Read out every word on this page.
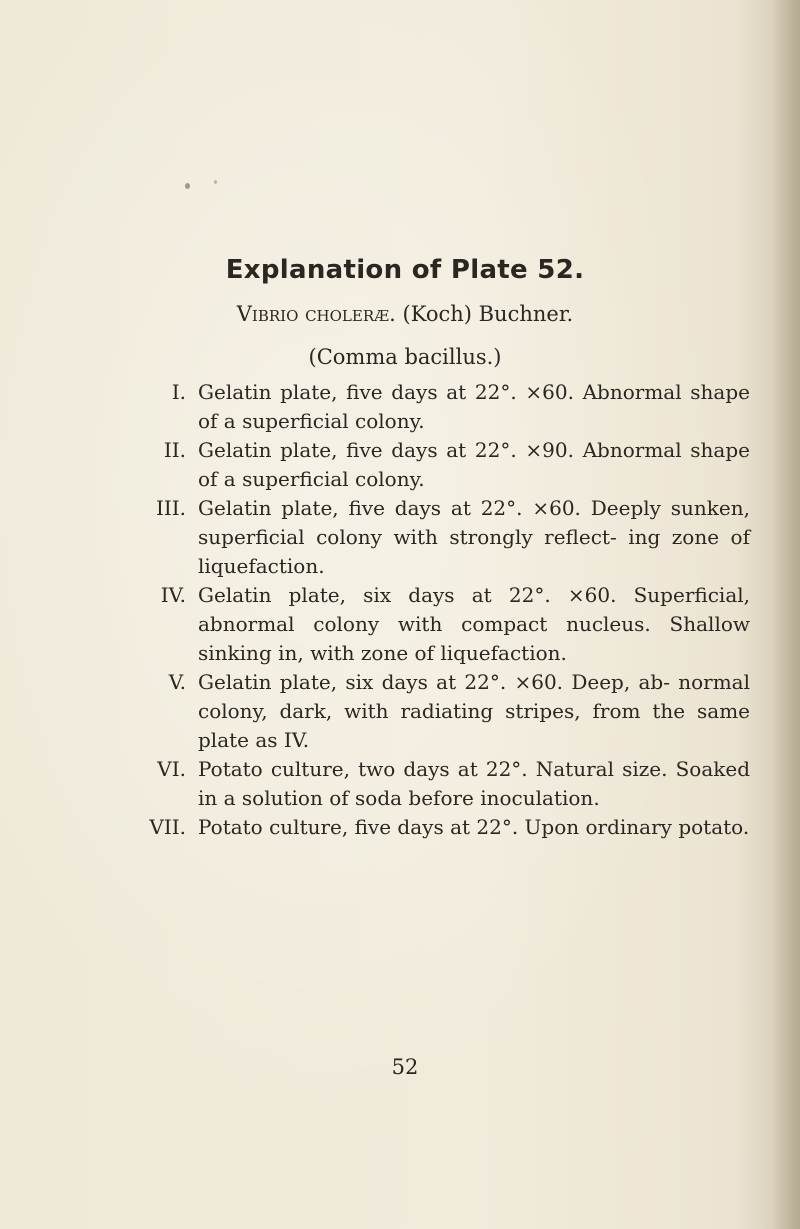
Explanation of Plate 52.

Vibrio choleræ. (Koch) Buchner.

(Comma bacillus.)

I. Gelatin plate, five days at 22°. ×60. Abnormal shape of a superficial colony.
II. Gelatin plate, five days at 22°. ×90. Abnormal shape of a superficial colony.
III. Gelatin plate, five days at 22°. ×60. Deeply sunken, superficial colony with strongly reflect- ing zone of liquefaction.
IV. Gelatin plate, six days at 22°. ×60. Superficial, abnormal colony with compact nucleus. Shallow sinking in, with zone of liquefaction.
V. Gelatin plate, six days at 22°. ×60. Deep, ab- normal colony, dark, with radiating stripes, from the same plate as IV.
VI. Potato culture, two days at 22°. Natural size. Soaked in a solution of soda before inoculation.
VII. Potato culture, five days at 22°. Upon ordinary potato.
52
